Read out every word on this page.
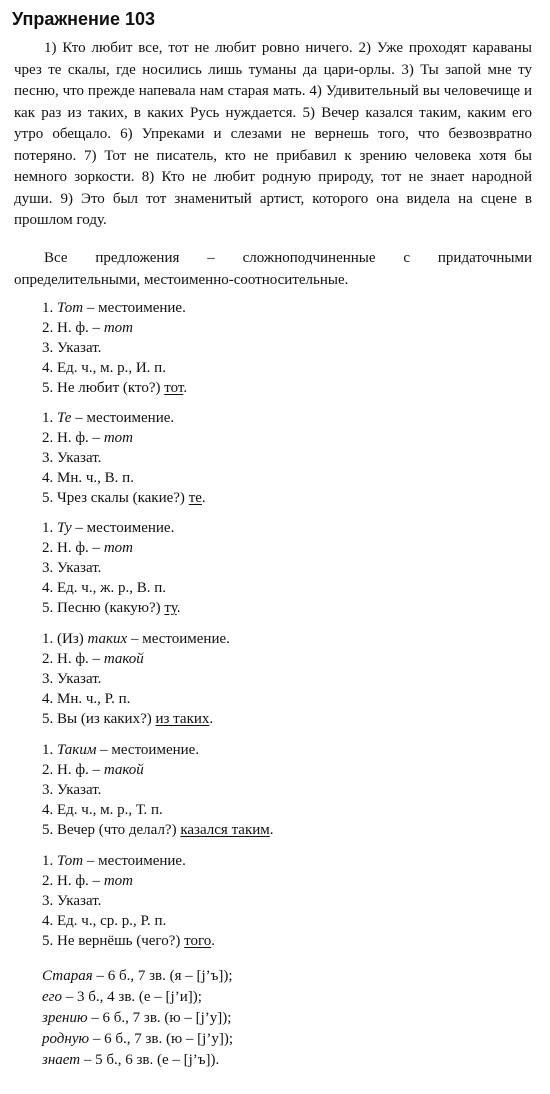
Упражнение 103

1) Кто любит все, тот не любит ровно ничего. 2) Уже проходят караваны чрез те скалы, где носились лишь туманы да цари-орлы. 3) Ты запой мне ту песню, что прежде напевала нам старая мать. 4) Удивительный вы человечище и как раз из таких, в каких Русь нуждается. 5) Вечер казался таким, каким его утро обещало. 6) Упреками и слезами не вернешь того, что безвозвратно потеряно. 7) Тот не писатель, кто не прибавил к зрению человека хотя бы немного зоркости. 8) Кто не любит родную природу, тот не знает народной души. 9) Это был тот знаменитый артист, которого она видела на сцене в прошлом году.

Все предложения – сложноподчиненные с придаточными определительными, местоименно-соотносительные.

1. Тот – местоимение.
2. Н. ф. – тот
3. Указат.
4. Ед. ч., м. р., И. п.
5. Не любит (кто?) тот.
1. Те – местоимение.
2. Н. ф. – тот
3. Указат.
4. Мн. ч., В. п.
5. Чрез скалы (какие?) те.
1. Ту – местоимение.
2. Н. ф. – тот
3. Указат.
4. Ед. ч., ж. р., В. п.
5. Песню (какую?) ту.
1. (Из) таких – местоимение.
2. Н. ф. – такой
3. Указат.
4. Мн. ч., Р. п.
5. Вы (из каких?) из таких.
1. Таким – местоимение.
2. Н. ф. – такой
3. Указат.
4. Ед. ч., м. р., Т. п.
5. Вечер (что делал?) казался таким.
1. Тот – местоимение.
2. Н. ф. – тот
3. Указат.
4. Ед. ч., ср. р., Р. п.
5. Не вернёшь (чего?) того.
Старая – 6 б., 7 зв. (я – [j’ъ]);
его – 3 б., 4 зв. (е – [j’и]);
зрению – 6 б., 7 зв. (ю – [j’у]);
родную – 6 б., 7 зв. (ю – [j’у]);
знает – 5 б., 6 зв. (е – [j’ъ]).
